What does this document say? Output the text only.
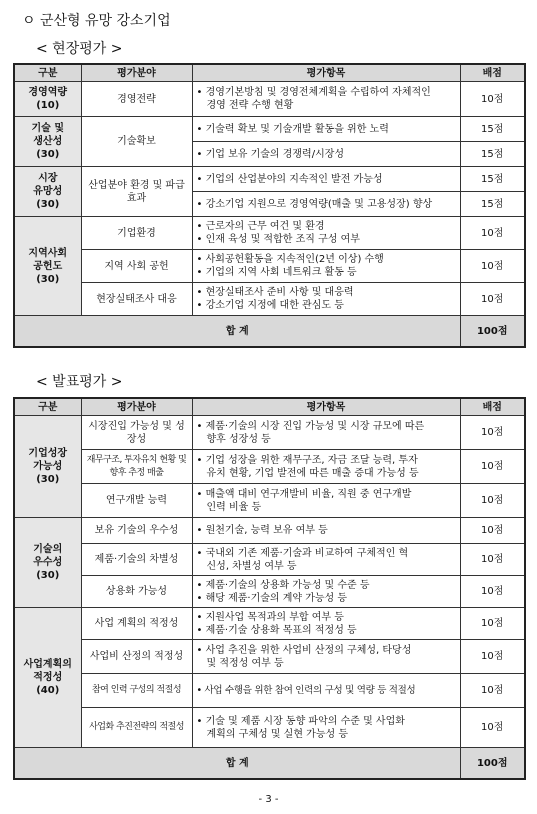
ㅇ 군산형 유망 강소기업
< 현장평가 >
구분	평가분야	평가항목	배점

경영역량
(10)	경영전략	• 경영기본방침 및 경영전체계획을 수립하여 자체적인
경영 전략 수행 현황	10점

기술 및
생산성
(30)	기술확보	• 기술력 확보 및 기술개발 활동을 위한 노력	15점

		• 기업 보유 기술의 경쟁력/시장성	15점

시장
유망성
(30)	산업분야 환경 및 파급효과	• 기업의 산업분야의 지속적인 발전 가능성	15점

		• 강소기업 지원으로 경영역량(매출 및 고용성장) 향상	15점

지역사회
공헌도
(30)	기업환경	• 근로자의 근무 여건 및 환경
• 인재 육성 및 적합한 조직 구성 여부	10점
	지역 사회 공헌	• 사회공헌활동을 지속적인(2년 이상) 수행
• 기업의 지역 사회 네트워크 활동 등	10점
	현장실태조사 대응	• 현장실태조사 준비 사항 및 대응력
• 강소기업 지정에 대한 관심도 등	10점
합 계			100점
< 발표평가 >
구분	평가분야	평가항목	배점

기업성장
가능성
(30)	시장진입 가능성 및 성장성	• 제품·기술의 시장 진입 가능성 및 시장 규모에 따른
향후 성장성 등	10점
	재무구조, 투자유치 현황 및 향후 추정 매출	• 기업 성장을 위한 재무구조, 자금 조달 능력, 투자
유치 현황, 기업 발전에 따른 매출 증대 가능성 등	10점
	연구개발 능력	• 매출액 대비 연구개발비 비율, 직원 중 연구개발
인력 비율 등	10점

기술의
우수성
(30)	보유 기술의 우수성	• 원천기술, 능력 보유 여부 등	10점
	제품·기술의 차별성	• 국내외 기존 제품·기술과 비교하여 구체적인 혁
신성, 차별성 여부 등	10점
	상용화 가능성	• 제품·기술의 상용화 가능성 및 수준 등
• 해당 제품·기술의 계약 가능성 등	10점

사업계획의
적정성
(40)	사업 계획의 적정성	• 지원사업 목적과의 부합 여부 등
• 제품·기술 상용화 목표의 적정성 등	10점
	사업비 산정의 적정성	• 사업 추진을 위한 사업비 산정의 구체성, 타당성
및 적정성 여부 등	10점
	참여 인력 구성의 적절성	• 사업 수행을 위한 참여 인력의 구성 및 역량 등 적절성	10점
	사업화 추진전략의 적절성	• 기술 및 제품 시장 동향 파악의 수준 및 사업화
계획의 구체성 및 실현 가능성 등	10점
합 계			100점
- 3 -
